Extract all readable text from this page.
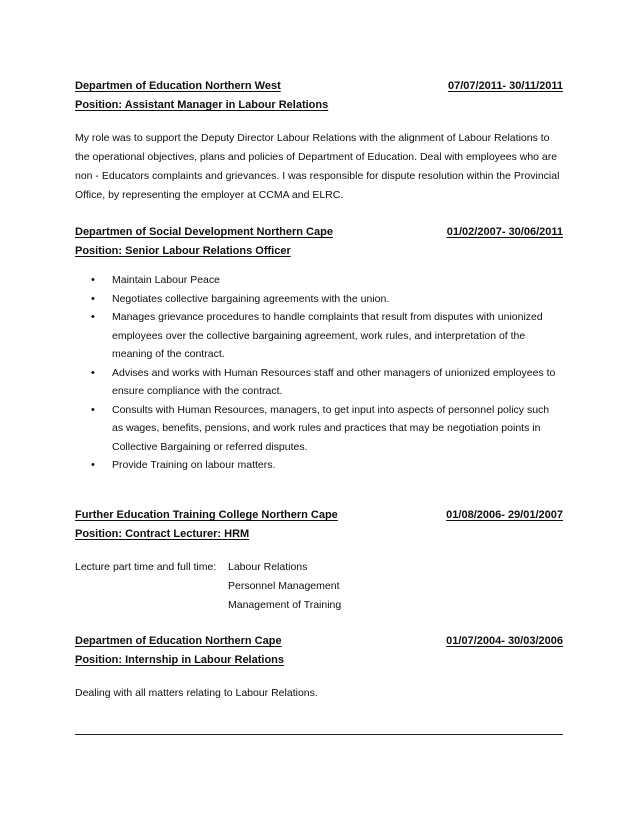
Departmen of Education Northern West	07/07/2011- 30/11/2011
Position: Assistant Manager in Labour Relations

My role was to support the Deputy Director Labour Relations with the alignment of Labour Relations to the operational objectives, plans and policies of Department of Education. Deal with employees who are non - Educators complaints and grievances. I was responsible for dispute resolution within the Provincial Office, by representing the employer at CCMA and ELRC.

Departmen of Social Development Northern Cape	01/02/2007- 30/06/2011
Position: Senior Labour Relations Officer
• Maintain Labour Peace
• Negotiates collective bargaining agreements with the union.
• Manages grievance procedures to handle complaints that result from disputes with unionized employees over the collective bargaining agreement, work rules, and interpretation of the meaning of the contract.
• Advises and works with Human Resources staff and other managers of unionized employees to ensure compliance with the contract.
• Consults with Human Resources, managers, to get input into aspects of personnel policy such as wages, benefits, pensions, and work rules and practices that may be negotiation points in Collective Bargaining or referred disputes.
• Provide Training on labour matters.
Further Education Training College Northern Cape	01/08/2006- 29/01/2007
Position: Contract Lecturer: HRM
Lecture part time and full time: Labour Relations
Personnel Management
Management of Training
Departmen of Education Northern Cape	01/07/2004- 30/03/2006
Position: Internship in Labour Relations

Dealing with all matters relating to Labour Relations.
